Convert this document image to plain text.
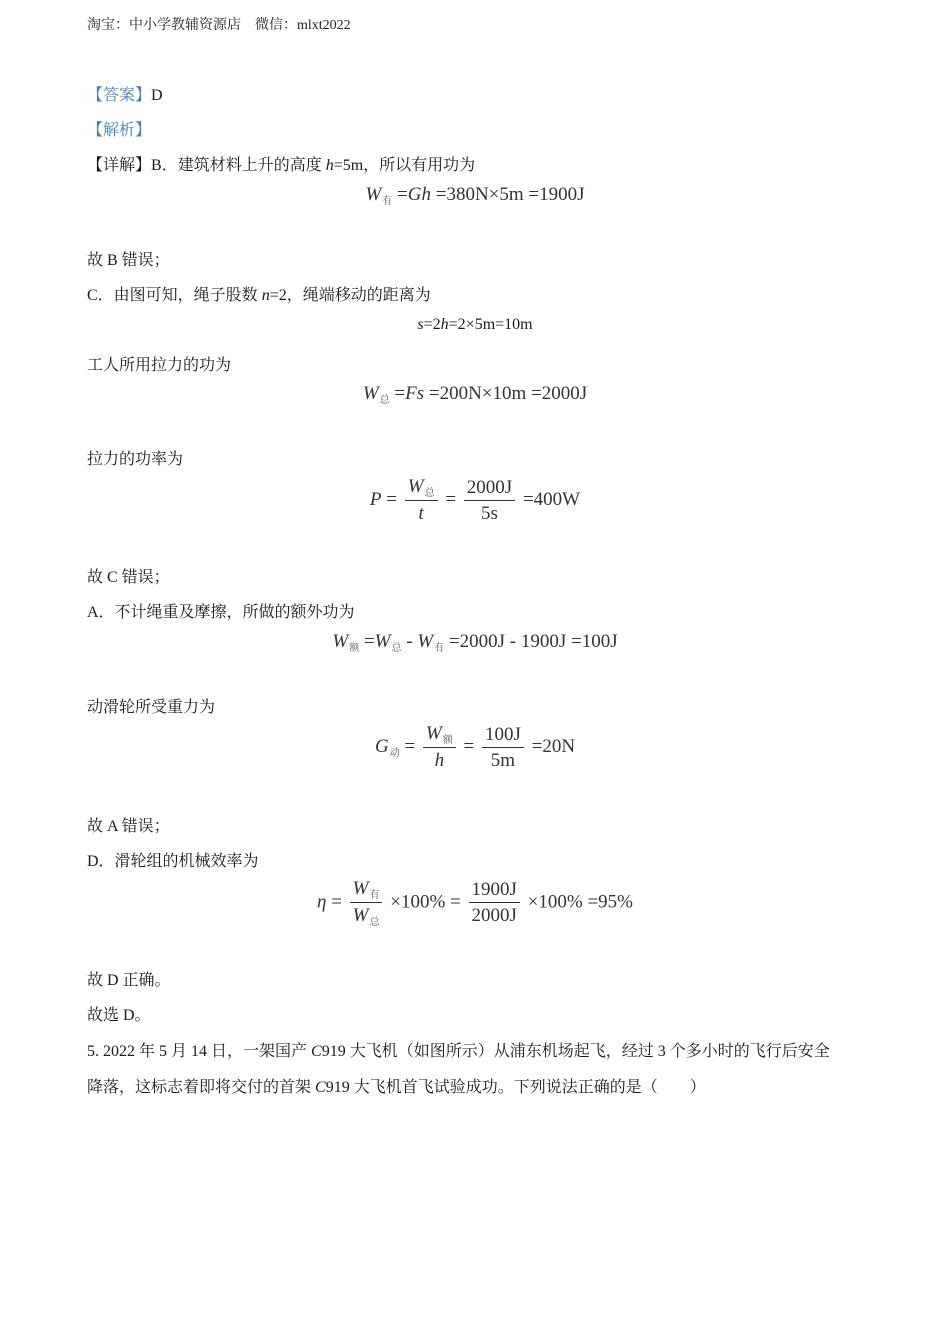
淘宝：中小学教辅资源店 微信：mlxt2022
【答案】D
【解析】
【详解】B．建筑材料上升的高度 h=5m，所以有用功为
$W_有 =Gh =380N\times 5m =1900J$
故 B 错误；
C．由图可知，绳子股数 n=2，绳端移动的距离为
s=2h=2×5m=10m
工人所用拉力的功为
$W_总 =Fs =200N\times 10m =2000J$
拉力的功率为
$P = \frac{W_总}{t} = \frac{2000J}{5s} =400W$
故 C 错误；
A．不计绳重及摩擦，所做的额外功为
$W_额 =W_总 - W_有 =2000J - 1900J =100J$
动滑轮所受重力为
$G_动 = \frac{W_额}{h} = \frac{100J}{5m} =20N$
故 A 错误；
D．滑轮组的机械效率为
$\eta = \frac{W_有}{W_总} \times 100\% = \frac{1900J}{2000J} \times 100\% =95\%$
故 D 正确。
故选 D。
5. 2022 年 5 月 14 日，一架国产 C919 大飞机（如图所示）从浦东机场起飞，经过 3 个多小时的飞行后安全
降落，这标志着即将交付的首架 C919 大飞机首飞试验成功。下列说法正确的是（　　）
